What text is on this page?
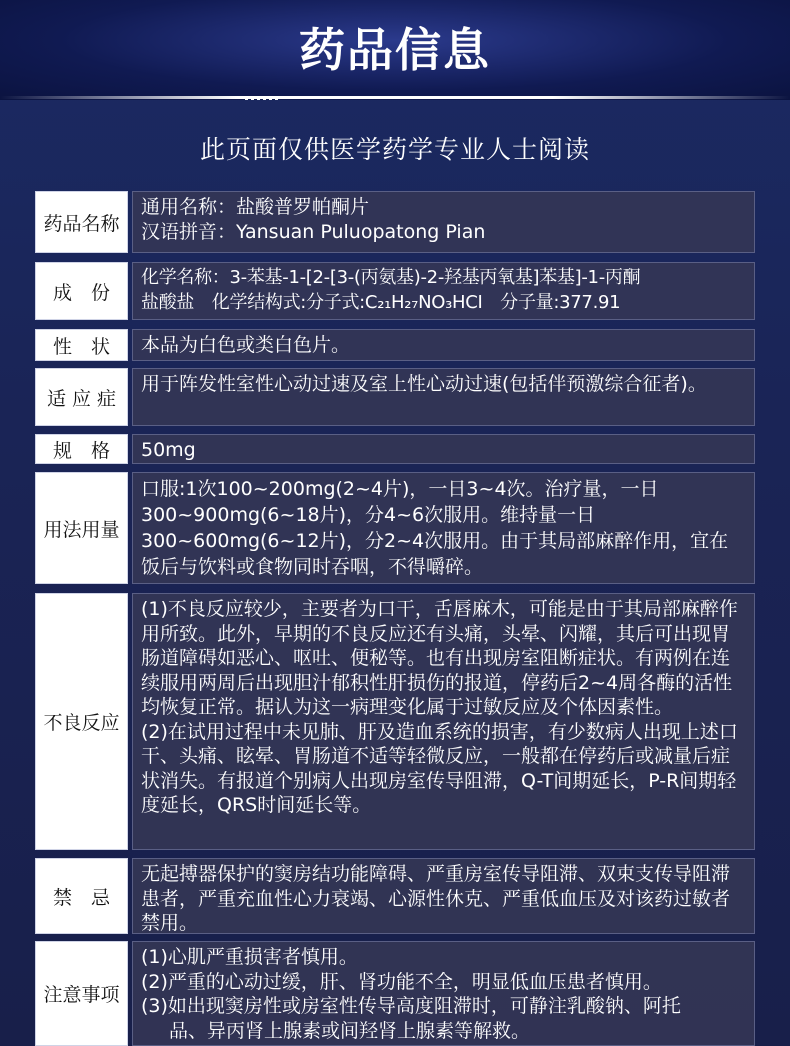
药品信息
此页面仅供医学药学专业人士阅读
药品名称
通用名称：盐酸普罗帕酮片
汉语拼音：Yansuan Puluopatong Pian
成　份
化学名称：3-苯基-1-[2-[3-(丙氨基)-2-羟基丙氧基]苯基]-1-丙酮
盐酸盐　化学结构式:分子式:C₂₁H₂₇NO₃HCI　分子量:377.91
性　状	本品为白色或类白色片。
适 应 症
用于阵发性室性心动过速及室上性心动过速(包括伴预激综合征者)。
规　格	50mg
用法用量
口服:1次100~200mg(2~4片)，一日3~4次。治疗量，一日300~900mg(6~18片)，分4~6次服用。维持量一日300~600mg(6~12片)，分2~4次服用。由于其局部麻醉作用，宜在饭后与饮料或食物同时吞咽，不得嚼碎。
不良反应
(1)不良反应较少，主要者为口干，舌唇麻木，可能是由于其局部麻醉作用所致。此外，早期的不良反应还有头痛，头晕、闪耀，其后可出现胃肠道障碍如恶心、呕吐、便秘等。也有出现房室阻断症状。有两例在连续服用两周后出现胆汁郁积性肝损伤的报道，停药后2~4周各酶的活性均恢复正常。据认为这一病理变化属于过敏反应及个体因素性。
(2)在试用过程中未见肺、肝及造血系统的损害，有少数病人出现上述口干、头痛、眩晕、胃肠道不适等轻微反应，一般都在停药后或减量后症状消失。有报道个别病人出现房室传导阻滞，Q-T间期延长，P-R间期轻度延长，QRS时间延长等。
禁　忌
无起搏器保护的窦房结功能障碍、严重房室传导阻滞、双束支传导阻滞患者，严重充血性心力衰竭、心源性休克、严重低血压及对该药过敏者禁用。
注意事项
(1)心肌严重损害者慎用。
(2)严重的心动过缓，肝、肾功能不全，明显低血压患者慎用。
(3)如出现窦房性或房室性传导高度阻滞时，可静注乳酸钠、阿托
品、异丙肾上腺素或间羟肾上腺素等解救。
